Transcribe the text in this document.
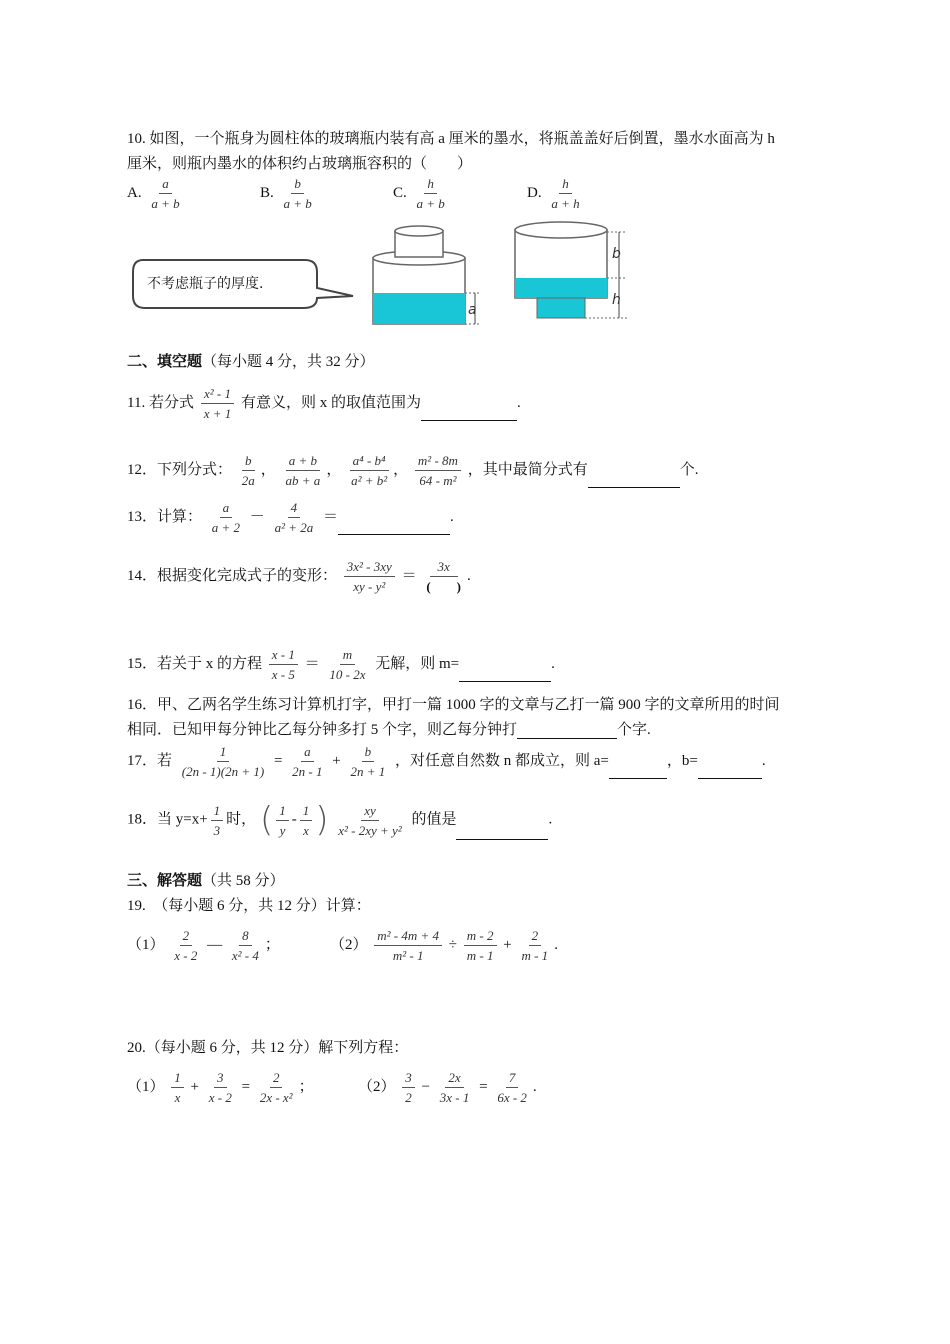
10. 如图，一个瓶身为圆柱体的玻璃瓶内装有高 a 厘米的墨水，将瓶盖盖好后倒置，墨水水面高为 h
厘米，则瓶内墨水的体积约占玻璃瓶容积的（　　）
A. $\frac{a}{a + b}$	B. $\frac{b}{a + b}$	C. $\frac{h}{a + b}$	D. $\frac{h}{a + h}$
不考虑瓶子的厚度.
a
b
h
二、填空题（每小题 4 分，共 32 分）
11. 若分式 $\frac{\text{x² - 1}}{x + 1}$ 有意义，则 x 的取值范围为	.
12．下列分式： $\frac{b}{2a}$ ， $\frac{a + b}{ab + a}$ ， $\frac{\text{a⁴ - b⁴}}{\text{a² + b²}}$ ， $\frac{\text{m² - 8m}}{\text{64 - m²}}$ ，其中最简分式有	个.
13．计算： $\frac{a}{a + 2} - \frac{4}{\text{a² + 2a}}$ ＝	.
14．根据变化完成式子的变形： $\frac{\text{3x² - 3xy}}{\text{xy - y²}} = \frac{3x}{( )}$ .
15．若关于 x 的方程 $\frac{x - 1}{x - 5} = \frac{m}{10 - 2x}$ 无解，则 m=	.
16．甲、乙两名学生练习计算机打字，甲打一篇 1000 字的文章与乙打一篇 900 字的文章所用的时间
相同．已知甲每分钟比乙每分钟多打 5 个字，则乙每分钟打	个字.
17．若 $\frac{1}{(2n - 1)(2n + 1)} = \frac{a}{2n - 1} + \frac{b}{2n + 1}$ ，对任意自然数 n 都成立，则 a=	，b=	.
18．当 $y=x+ \frac{1}{3}$ 时， ( $\frac{1}{y} - \frac{1}{x}$ ) $\frac{xy}{\text{x² - 2xy + y²}}$ 的值是	.
三、解答题（共 58 分）
19.　（每小题 6 分，共 12 分）计算：
$(1) \frac{2}{x - 2}$ — $\frac{8}{\text{x² - 4}}$ ；	$(2) \frac{\text{m² - 4m + 4}}{\text{m² - 1}} \div \frac{m - 2}{m - 1} + \frac{2}{m - 1}$ .
20.（每小题 6 分，共 12 分）解下列方程：
$(1) \frac{1}{x} + \frac{3}{x - 2} = \frac{2}{\text{2x - x²}}$ ；	$(2) \frac{3}{2} - \frac{2x}{3x - 1} = \frac{7}{6x - 2}$ .
